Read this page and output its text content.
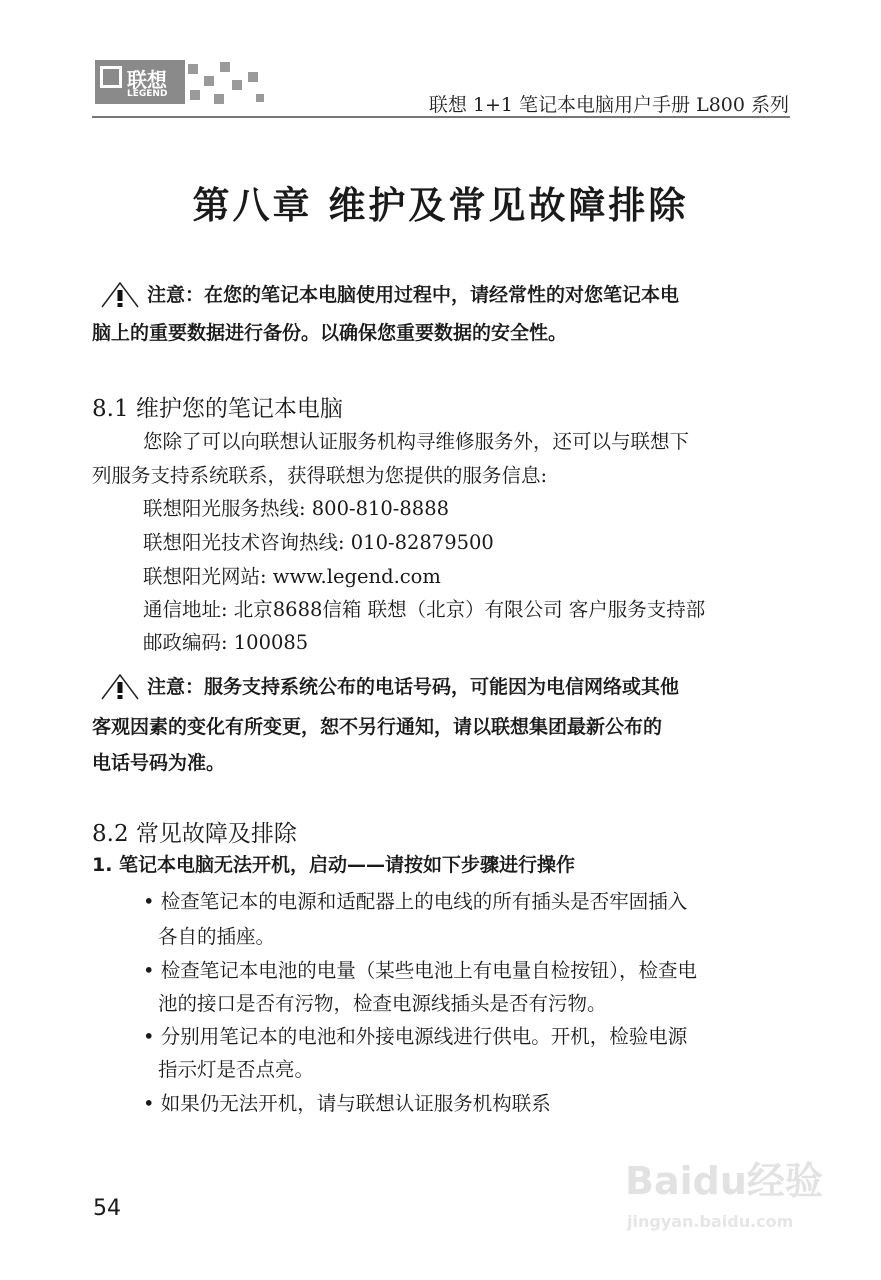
联想
LEGEND	联想 1+1 笔记本电脑用户手册 L800 系列
第八章 维护及常见故障排除
注意：在您的笔记本电脑使用过程中，请经常性的对您笔记本电
脑上的重要数据进行备份。以确保您重要数据的安全性。
8.1 维护您的笔记本电脑
您除了可以向联想认证服务机构寻维修服务外，还可以与联想下
列服务支持系统联系，获得联想为您提供的服务信息:
联想阳光服务热线: 800-810-8888
联想阳光技术咨询热线: 010-82879500
联想阳光网站: www.legend.com
通信地址: 北京8688信箱 联想（北京）有限公司 客户服务支持部
邮政编码: 100085
注意：服务支持系统公布的电话号码，可能因为电信网络或其他
客观因素的变化有所变更，恕不另行通知，请以联想集团最新公布的
电话号码为准。
8.2 常见故障及排除
1. 笔记本电脑无法开机，启动——请按如下步骤进行操作
• 检查笔记本的电源和适配器上的电线的所有插头是否牢固插入
各自的插座。
• 检查笔记本电池的电量（某些电池上有电量自检按钮），检查电
池的接口是否有污物，检查电源线插头是否有污物。
• 分别用笔记本的电池和外接电源线进行供电。开机，检验电源
指示灯是否点亮。
• 如果仍无法开机，请与联想认证服务机构联系
54
Baidu经验
jingyan.baidu.com
